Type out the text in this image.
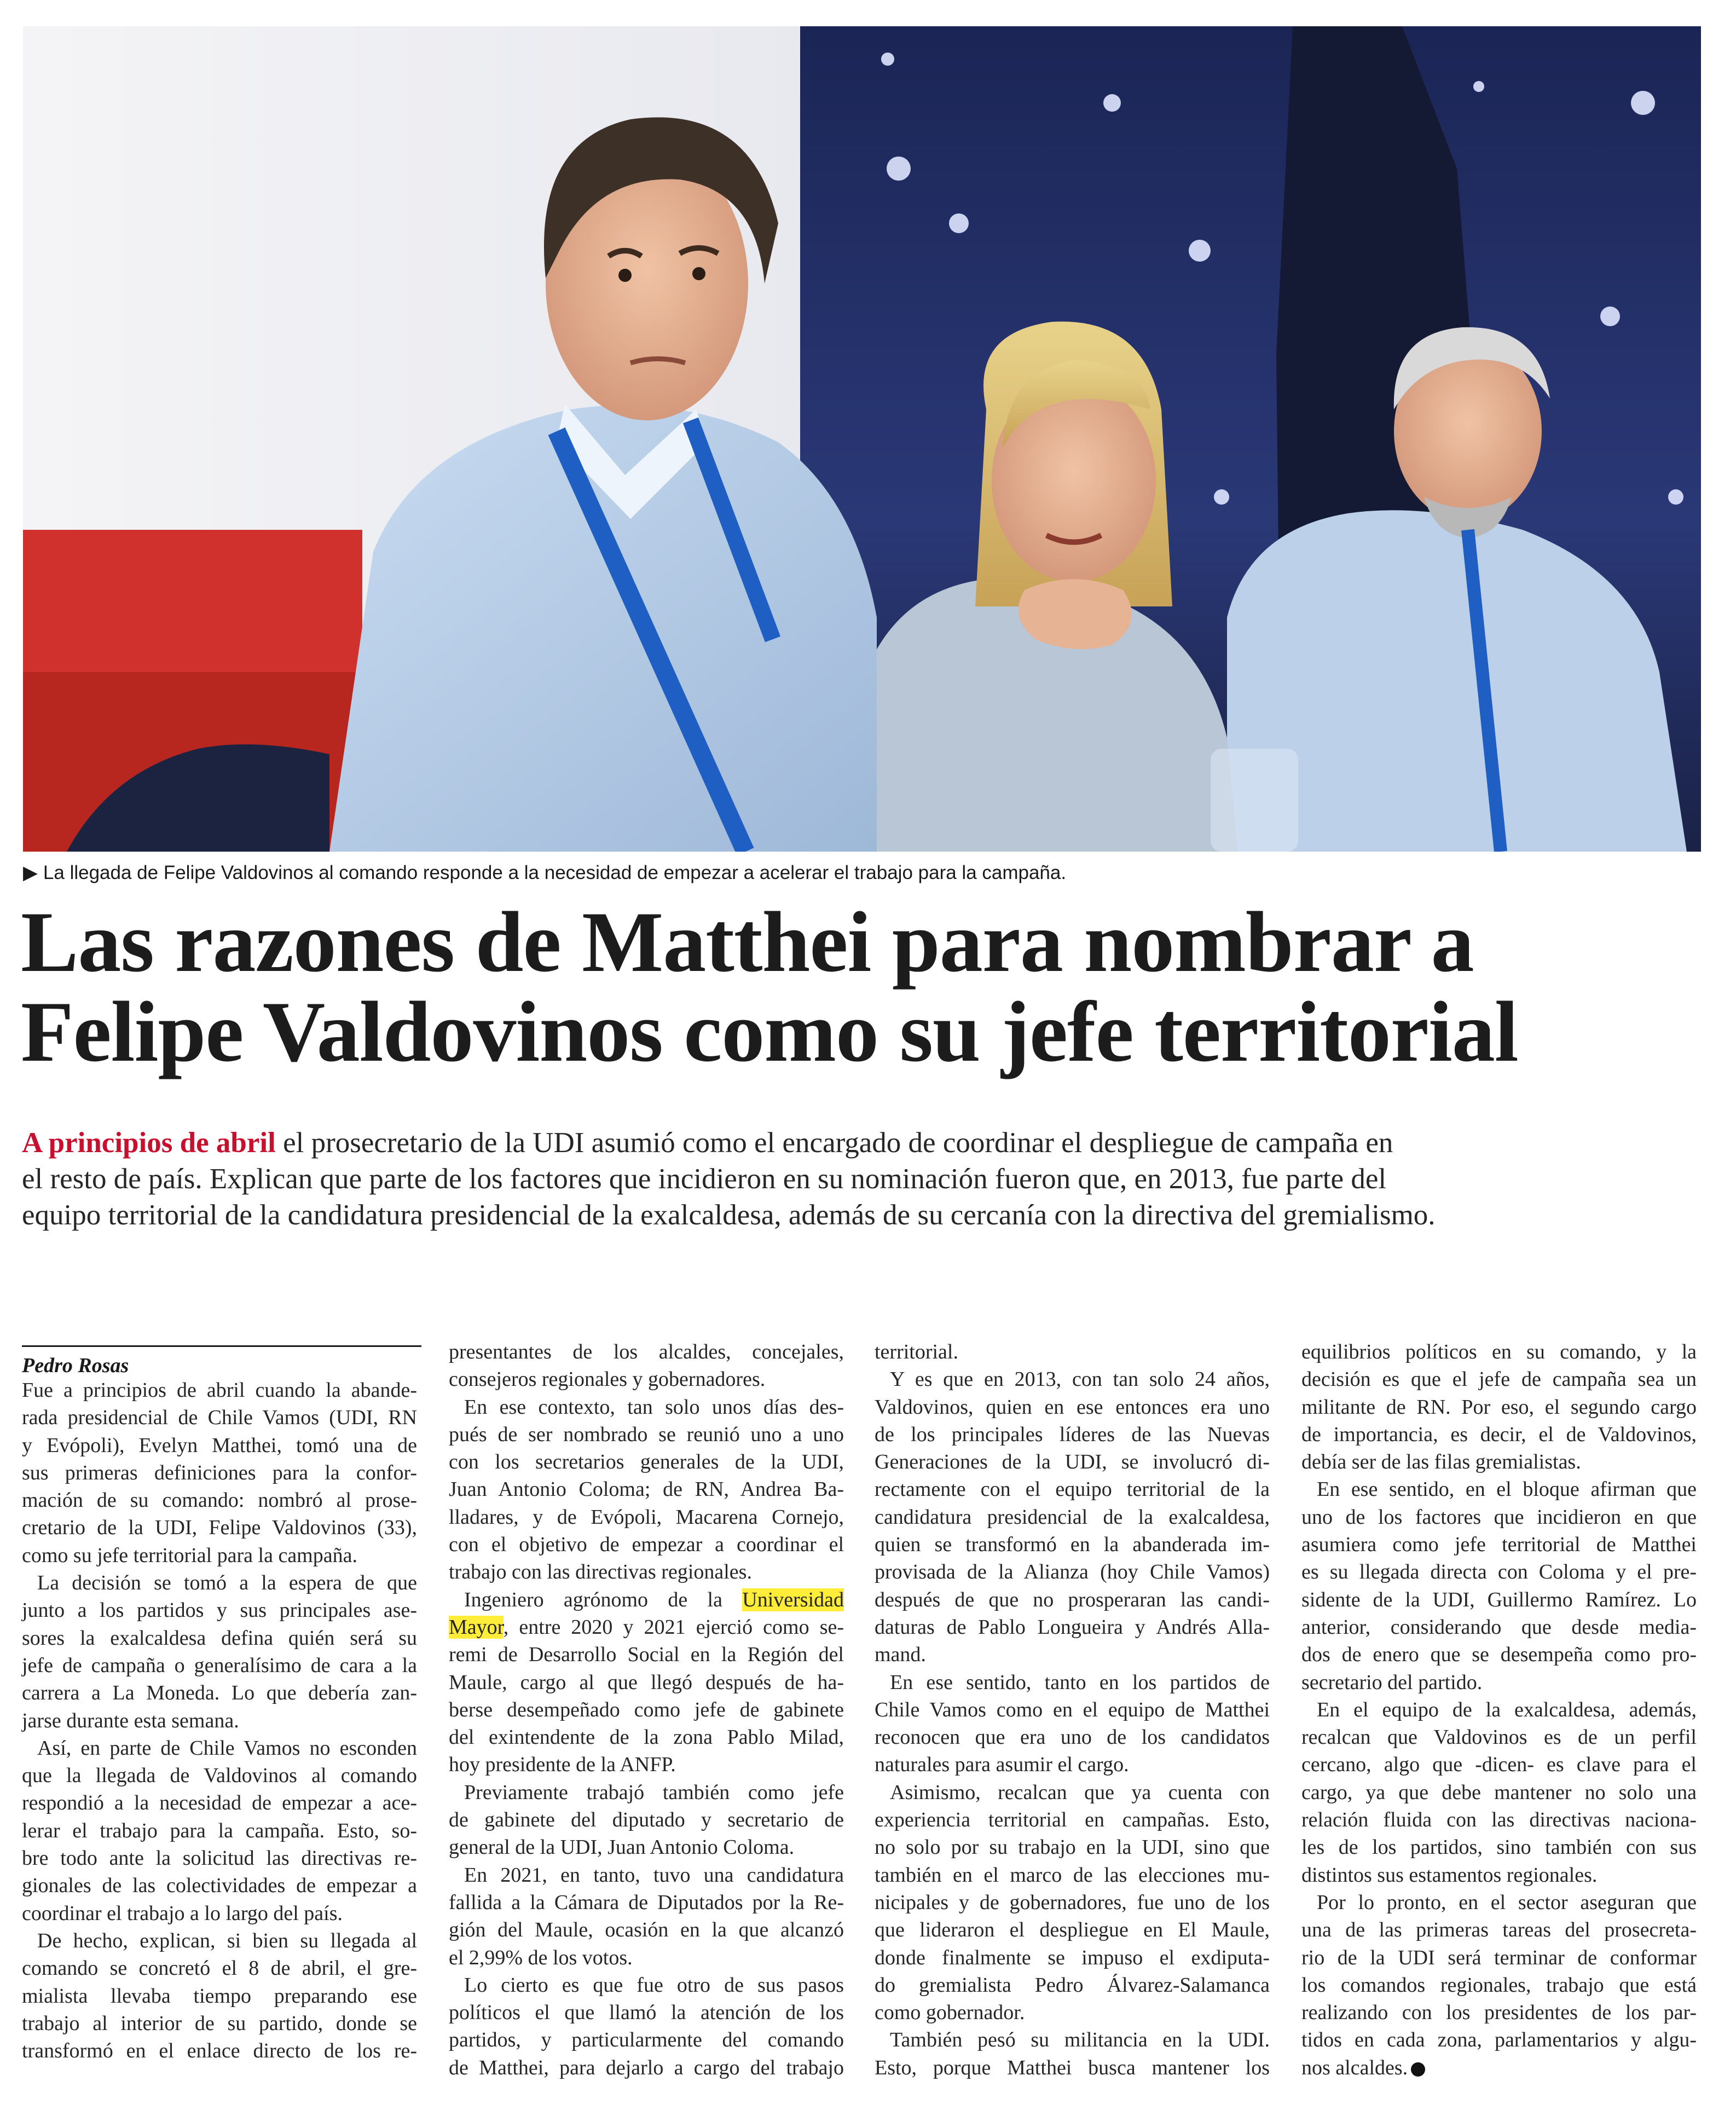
▶ La llegada de Felipe Valdovinos al comando responde a la necesidad de empezar a acelerar el trabajo para la campaña.
Las razones de Matthei para nombrar a
Felipe Valdovinos como su jefe territorial
A principios de abril el prosecretario de la UDI asumió como el encargado de coordinar el despliegue de campaña en
el resto de país. Explican que parte de los factores que incidieron en su nominación fueron que, en 2013, fue parte del
equipo territorial de la candidatura presidencial de la exalcaldesa, además de su cercanía con la directiva del gremialismo.
Pedro Rosas
Fue a principios de abril cuando la abande-
rada presidencial de Chile Vamos (UDI, RN
y Evópoli), Evelyn Matthei, tomó una de
sus primeras definiciones para la confor-
mación de su comando: nombró al prose-
cretario de la UDI, Felipe Valdovinos (33),
como su jefe territorial para la campaña.
La decisión se tomó a la espera de que
junto a los partidos y sus principales ase-
sores la exalcaldesa defina quién será su
jefe de campaña o generalísimo de cara a la
carrera a La Moneda. Lo que debería zan-
jarse durante esta semana.
Así, en parte de Chile Vamos no esconden
que la llegada de Valdovinos al comando
respondió a la necesidad de empezar a ace-
lerar el trabajo para la campaña. Esto, so-
bre todo ante la solicitud las directivas re-
gionales de las colectividades de empezar a
coordinar el trabajo a lo largo del país.
De hecho, explican, si bien su llegada al
comando se concretó el 8 de abril, el gre-
mialista llevaba tiempo preparando ese
trabajo al interior de su partido, donde se
transformó en el enlace directo de los re-
presentantes de los alcaldes, concejales,
consejeros regionales y gobernadores.
En ese contexto, tan solo unos días des-
pués de ser nombrado se reunió uno a uno
con los secretarios generales de la UDI,
Juan Antonio Coloma; de RN, Andrea Ba-
lladares, y de Evópoli, Macarena Cornejo,
con el objetivo de empezar a coordinar el
trabajo con las directivas regionales.
Ingeniero agrónomo de la Universidad
Mayor, entre 2020 y 2021 ejerció como se-
remi de Desarrollo Social en la Región del
Maule, cargo al que llegó después de ha-
berse desempeñado como jefe de gabinete
del exintendente de la zona Pablo Milad,
hoy presidente de la ANFP.
Previamente trabajó también como jefe
de gabinete del diputado y secretario de
general de la UDI, Juan Antonio Coloma.
En 2021, en tanto, tuvo una candidatura
fallida a la Cámara de Diputados por la Re-
gión del Maule, ocasión en la que alcanzó
el 2,99% de los votos.
Lo cierto es que fue otro de sus pasos
políticos el que llamó la atención de los
partidos, y particularmente del comando
de Matthei, para dejarlo a cargo del trabajo
territorial.
Y es que en 2013, con tan solo 24 años,
Valdovinos, quien en ese entonces era uno
de los principales líderes de las Nuevas
Generaciones de la UDI, se involucró di-
rectamente con el equipo territorial de la
candidatura presidencial de la exalcaldesa,
quien se transformó en la abanderada im-
provisada de la Alianza (hoy Chile Vamos)
después de que no prosperaran las candi-
daturas de Pablo Longueira y Andrés Alla-
mand.
En ese sentido, tanto en los partidos de
Chile Vamos como en el equipo de Matthei
reconocen que era uno de los candidatos
naturales para asumir el cargo.
Asimismo, recalcan que ya cuenta con
experiencia territorial en campañas. Esto,
no solo por su trabajo en la UDI, sino que
también en el marco de las elecciones mu-
nicipales y de gobernadores, fue uno de los
que lideraron el despliegue en El Maule,
donde finalmente se impuso el exdiputa-
do gremialista Pedro Álvarez-Salamanca
como gobernador.
También pesó su militancia en la UDI.
Esto, porque Matthei busca mantener los
equilibrios políticos en su comando, y la
decisión es que el jefe de campaña sea un
militante de RN. Por eso, el segundo cargo
de importancia, es decir, el de Valdovinos,
debía ser de las filas gremialistas.
En ese sentido, en el bloque afirman que
uno de los factores que incidieron en que
asumiera como jefe territorial de Matthei
es su llegada directa con Coloma y el pre-
sidente de la UDI, Guillermo Ramírez. Lo
anterior, considerando que desde media-
dos de enero que se desempeña como pro-
secretario del partido.
En el equipo de la exalcaldesa, además,
recalcan que Valdovinos es de un perfil
cercano, algo que -dicen- es clave para el
cargo, ya que debe mantener no solo una
relación fluida con las directivas naciona-
les de los partidos, sino también con sus
distintos sus estamentos regionales.
Por lo pronto, en el sector aseguran que
una de las primeras tareas del prosecreta-
rio de la UDI será terminar de conformar
los comandos regionales, trabajo que está
realizando con los presidentes de los par-
tidos en cada zona, parlamentarios y algu-
nos alcaldes.
